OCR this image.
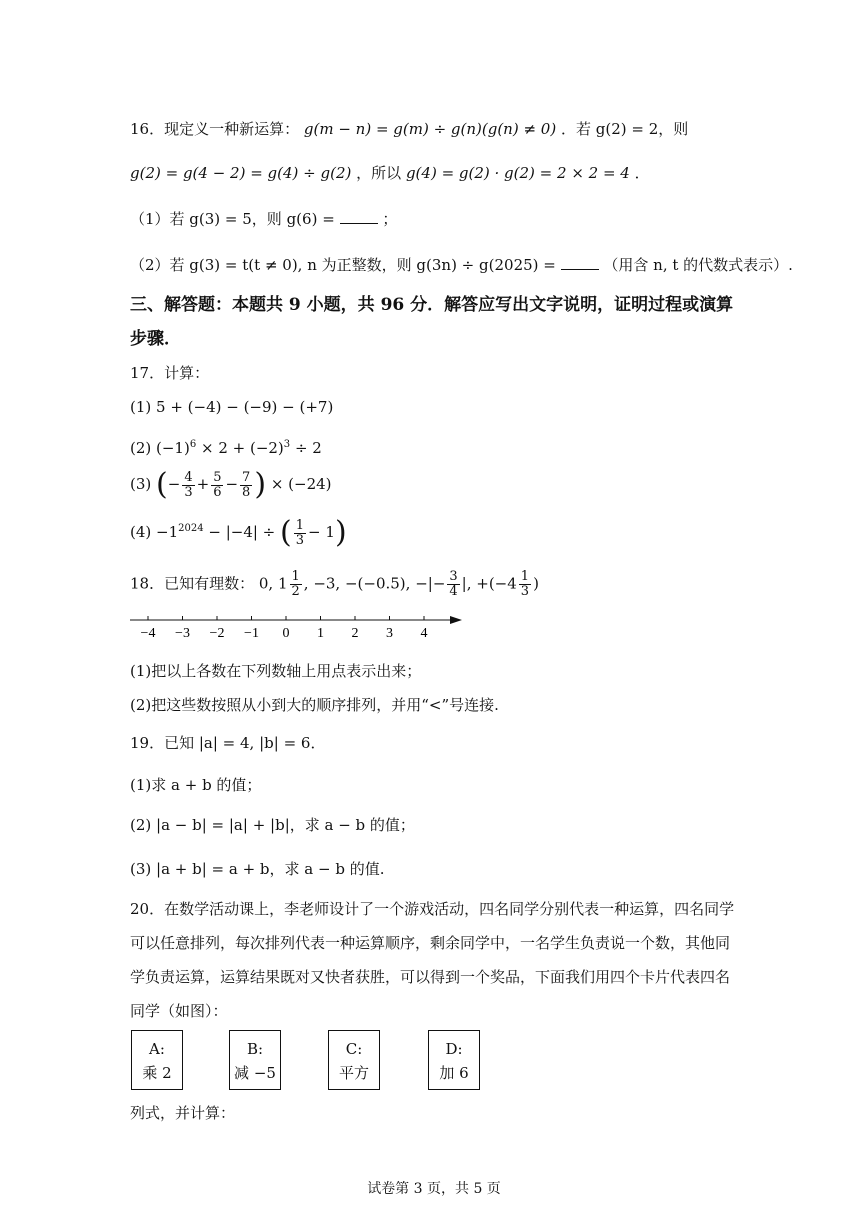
16．现定义一种新运算： g(m − n) = g(m) ÷ g(n)(g(n) ≠ 0) ．若 g(2) = 2，则
g(2) = g(4 − 2) = g(4) ÷ g(2) ，所以 g(4) = g(2) · g(2) = 2 × 2 = 4 ．
（1）若 g(3) = 5，则 g(6) =	；
（2）若 g(3) = t(t ≠ 0), n 为正整数，则 g(3n) ÷ g(2025) =	（用含 n, t 的代数式表示）.
三、解答题：本题共 9 小题，共 96 分．解答应写出文字说明，证明过程或演算
步骤．
17．计算：
(1) 5 + (−4) − (−9) − (+7)
(2) $(-1)^6 \times 2 + (-2)^3 \div 2$
(3) (− $\frac{4}{3} + \frac{5}{6} - \frac{7}{8}$ ) × (−24)
$(4) -1^{2024} - |-4|$ ÷ ( $\frac{1}{3} - 1$)
18．已知有理数： 0, $1 \frac{1}{2}$ , −3, −(−0.5), −|− $\frac{3}{4}$ |, $+(-4 \frac{1}{3}$ )
−4 −3 −2 −1 0 1 2 3 4
(1)把以上各数在下列数轴上用点表示出来；
(2)把这些数按照从小到大的顺序排列，并用“<”号连接.
19．已知 |a| = 4, |b| = 6．
(1)求 a + b 的值；
(2) |a − b| = |a| + |b|，求 a − b 的值；
(3) |a + b| = a + b，求 a − b 的值.
20．在数学活动课上，李老师设计了一个游戏活动，四名同学分别代表一种运算，四名同学
可以任意排列，每次排列代表一种运算顺序，剩余同学中，一名学生负责说一个数，其他同
学负责运算，运算结果既对又快者获胜，可以得到一个奖品，下面我们用四个卡片代表四名
同学（如图）：
A:
乘 2
B:
减 −5
C:
平方
D:
加 6
列式，并计算：
试卷第 3 页，共 5 页
